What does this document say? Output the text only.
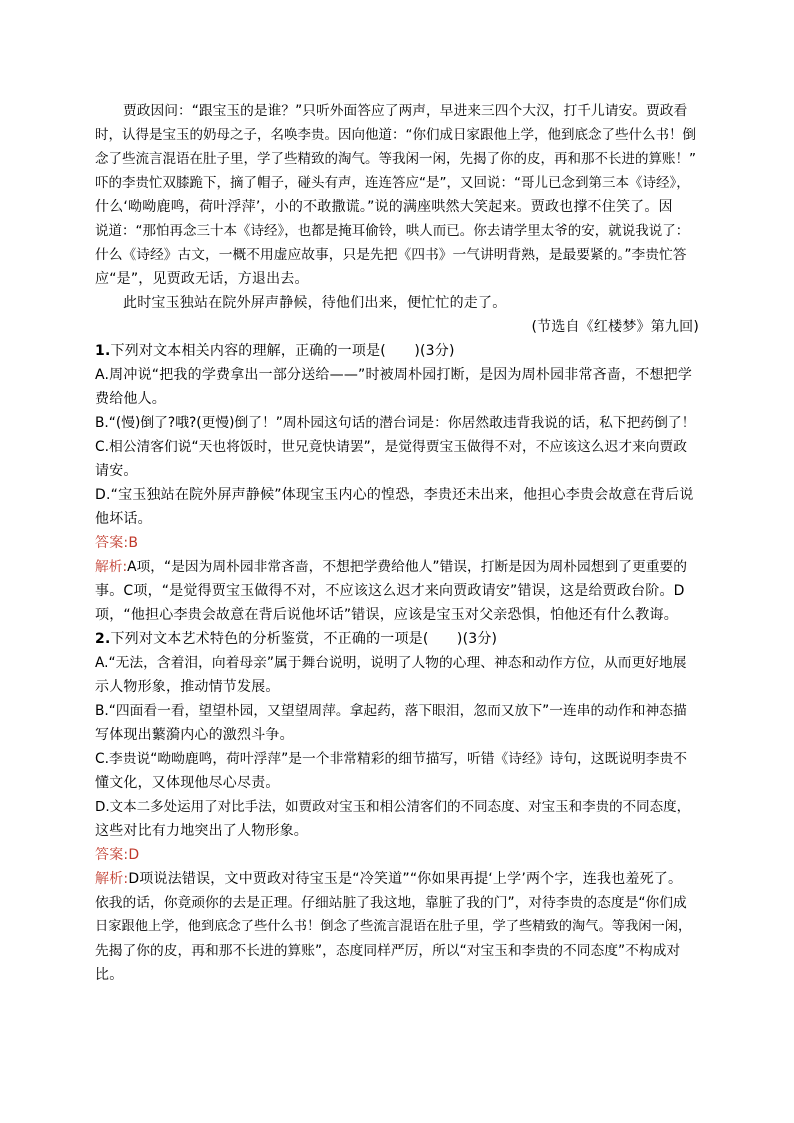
贾政因问：“跟宝玉的是谁？”只听外面答应了两声，早进来三四个大汉，打千儿请安。贾政看
时，认得是宝玉的奶母之子，名唤李贵。因向他道：“你们成日家跟他上学，他到底念了些什么书！倒
念了些流言混语在肚子里，学了些精致的淘气。等我闲一闲，先揭了你的皮，再和那不长进的算账！”
吓的李贵忙双膝跪下，摘了帽子，碰头有声，连连答应“是”，又回说：“哥儿已念到第三本《诗经》，
什么‘呦呦鹿鸣，荷叶浮萍’，小的不敢撒谎。”说的满座哄然大笑起来。贾政也撑不住笑了。因
说道：“那怕再念三十本《诗经》，也都是掩耳偷铃，哄人而已。你去请学里太爷的安，就说我说了：
什么《诗经》古文，一概不用虚应故事，只是先把《四书》一气讲明背熟，是最要紧的。”李贵忙答
应“是”，见贾政无话，方退出去。
此时宝玉独站在院外屏声静候，待他们出来，便忙忙的走了。
(节选自《红楼梦》第九回)
1.下列对文本相关内容的理解，正确的一项是(　　)(3分)
A.周冲说“把我的学费拿出一部分送给——”时被周朴园打断，是因为周朴园非常吝啬，不想把学
费给他人。
B.“(慢)倒了?哦?(更慢)倒了！”周朴园这句话的潜台词是：你居然敢违背我说的话，私下把药倒了！
C.相公清客们说“天也将饭时，世兄竟快请罢”，是觉得贾宝玉做得不对，不应该这么迟才来向贾政
请安。
D.“宝玉独站在院外屏声静候”体现宝玉内心的惶恐，李贵还未出来，他担心李贵会故意在背后说
他坏话。
答案:B
解析:A项，“是因为周朴园非常吝啬，不想把学费给他人”错误，打断是因为周朴园想到了更重要的
事。C项，“是觉得贾宝玉做得不对，不应该这么迟才来向贾政请安”错误，这是给贾政台阶。D
项，“他担心李贵会故意在背后说他坏话”错误，应该是宝玉对父亲恐惧，怕他还有什么教诲。
2.下列对文本艺术特色的分析鉴赏，不正确的一项是(　　)(3分)
A.“无法，含着泪，向着母亲”属于舞台说明，说明了人物的心理、神态和动作方位，从而更好地展
示人物形象，推动情节发展。
B.“四面看一看，望望朴园，又望望周萍。拿起药，落下眼泪，忽而又放下”一连串的动作和神态描
写体现出蘩漪内心的激烈斗争。
C.李贵说“呦呦鹿鸣，荷叶浮萍”是一个非常精彩的细节描写，听错《诗经》诗句，这既说明李贵不
懂文化，又体现他尽心尽责。
D.文本二多处运用了对比手法，如贾政对宝玉和相公清客们的不同态度、对宝玉和李贵的不同态度，
这些对比有力地突出了人物形象。
答案:D
解析:D项说法错误，文中贾政对待宝玉是“冷笑道”“你如果再提‘上学’两个字，连我也羞死了。
依我的话，你竟顽你的去是正理。仔细站脏了我这地，靠脏了我的门”，对待李贵的态度是“你们成
日家跟他上学，他到底念了些什么书！倒念了些流言混语在肚子里，学了些精致的淘气。等我闲一闲，
先揭了你的皮，再和那不长进的算账”，态度同样严厉，所以“对宝玉和李贵的不同态度”不构成对
比。
